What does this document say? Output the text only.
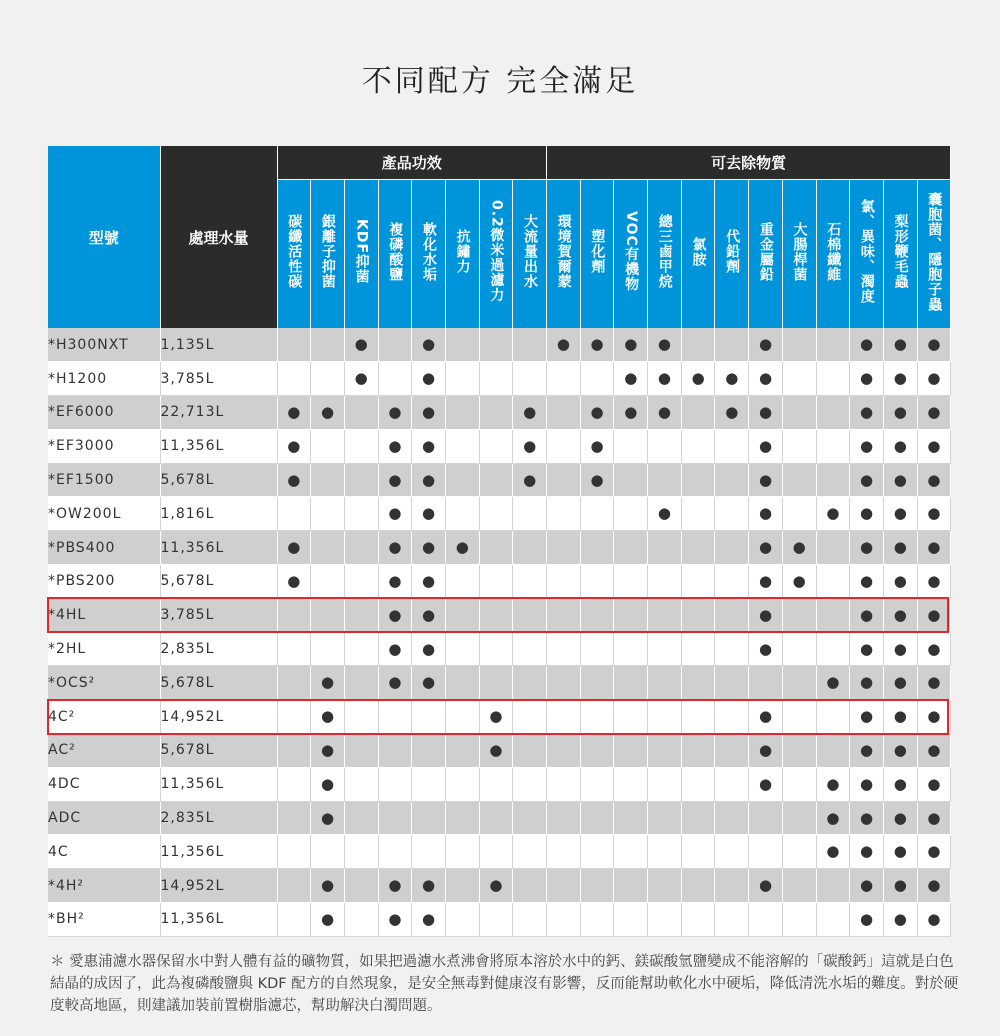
不同配方 完全滿足
型號	處理水量	產品功效								可去除物質											
		碳纖活性碳	銀離子抑菌	KDF抑菌	複磷酸鹽	軟化水垢	抗鏽力	0.2微米過濾力	大流量出水	環境賀爾蒙	塑化劑	VOC有機物	總三鹵甲烷	氯胺	代鉛劑	重金屬鉛	大腸桿菌	石棉纖維	氯、異味、濁度	梨形鞭毛蟲	囊胞菌、隱胞子蟲
*H300NXT	1,135L			●		●				●	●	●	●			●			●	●	●
*H1200	3,785L			●		●						●	●	●	●	●			●	●	●
*EF6000	22,713L	●	●		●	●			●		●	●	●		●	●			●	●	●
*EF3000	11,356L	●			●	●			●		●					●			●	●	●
*EF1500	5,678L	●			●	●			●		●					●			●	●	●
*OW200L	1,816L				●	●							●			●		●	●	●	●
*PBS400	11,356L	●			●	●	●									●	●		●	●	●
*PBS200	5,678L	●			●	●										●	●		●	●	●
*4HL	3,785L				●	●										●			●	●	●
*2HL	2,835L				●	●										●			●	●	●
*OCS²	5,678L		●		●	●												●	●	●	●
4C²	14,952L		●					●								●			●	●	●
AC²	5,678L		●					●								●			●	●	●
4DC	11,356L		●													●		●	●	●	●
ADC	2,835L		●															●	●	●	●
4C	11,356L																	●	●	●	●
*4H²	14,952L		●		●	●		●								●			●	●	●
*BH²	11,356L		●		●	●													●	●	●
＊ 愛惠浦濾水器保留水中對人體有益的礦物質，如果把過濾水煮沸會將原本溶於水中的鈣、鎂碳酸氫鹽變成不能溶解的「碳酸鈣」這就是白色結晶的成因了，此為複磷酸鹽與 KDF 配方的自然現象，是安全無毒對健康沒有影響，反而能幫助軟化水中硬垢，降低清洗水垢的難度。對於硬度較高地區，則建議加裝前置樹脂濾芯，幫助解決白濁問題。
